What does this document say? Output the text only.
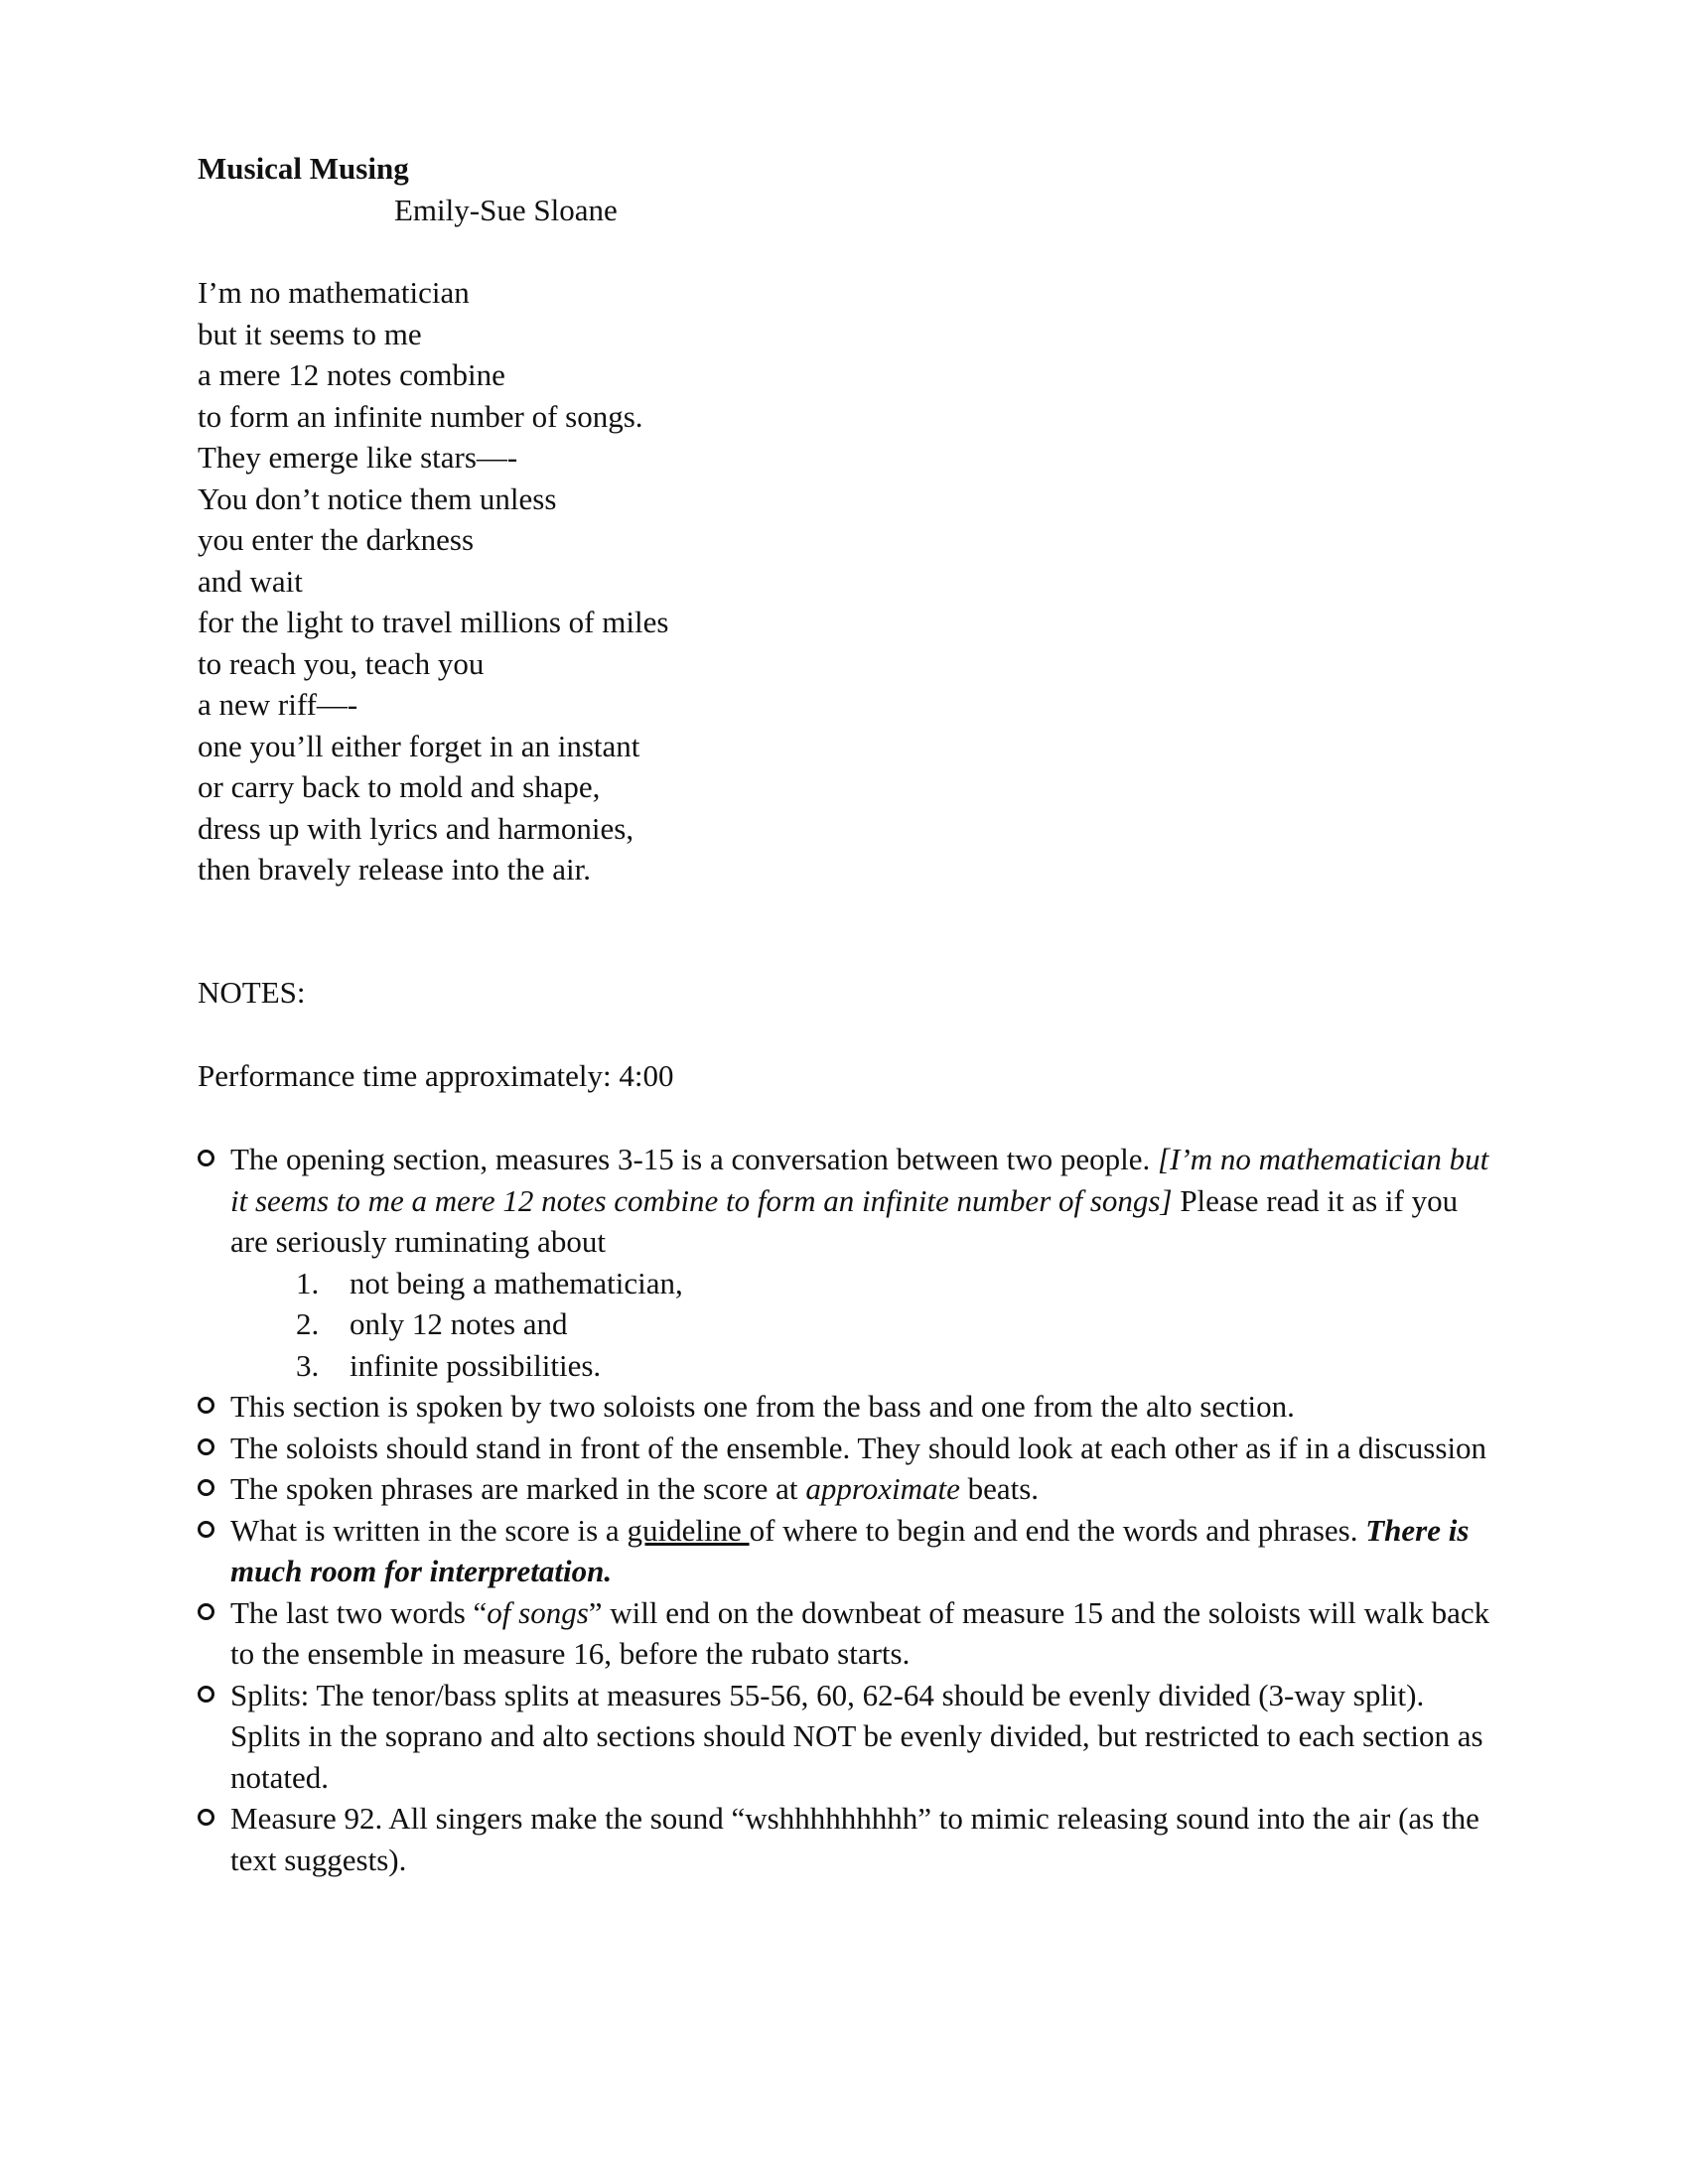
Musical Musing
Emily-Sue Sloane
I’m no mathematician
but it seems to me
a mere 12 notes combine
to form an infinite number of songs.
They emerge like stars—-
You don’t notice them unless
you enter the darkness
and wait
for the light to travel millions of miles
to reach you, teach you
a new riff—-
one you’ll either forget in an instant
or carry back to mold and shape,
dress up with lyrics and harmonies,
then bravely release into the air.
NOTES:
Performance time approximately: 4:00
The opening section, measures 3-15 is a conversation between two people. [I’m no mathematician but it seems to me a mere 12 notes combine to form an infinite number of songs] Please read it as if you are seriously ruminating about
1. not being a mathematician,
2. only 12 notes and
3. infinite possibilities.
This section is spoken by two soloists one from the bass and one from the alto section.
The soloists should stand in front of the ensemble. They should look at each other as if in a discussion
The spoken phrases are marked in the score at approximate beats.
What is written in the score is a guideline of where to begin and end the words and phrases. There is much room for interpretation.
The last two words “of songs” will end on the downbeat of measure 15 and the soloists will walk back to the ensemble in measure 16, before the rubato starts.
Splits: The tenor/bass splits at measures 55-56, 60, 62-64 should be evenly divided (3-way split). Splits in the soprano and alto sections should NOT be evenly divided, but restricted to each section as notated.
Measure 92. All singers make the sound “wshhhhhhhhh” to mimic releasing sound into the air (as the text suggests).
